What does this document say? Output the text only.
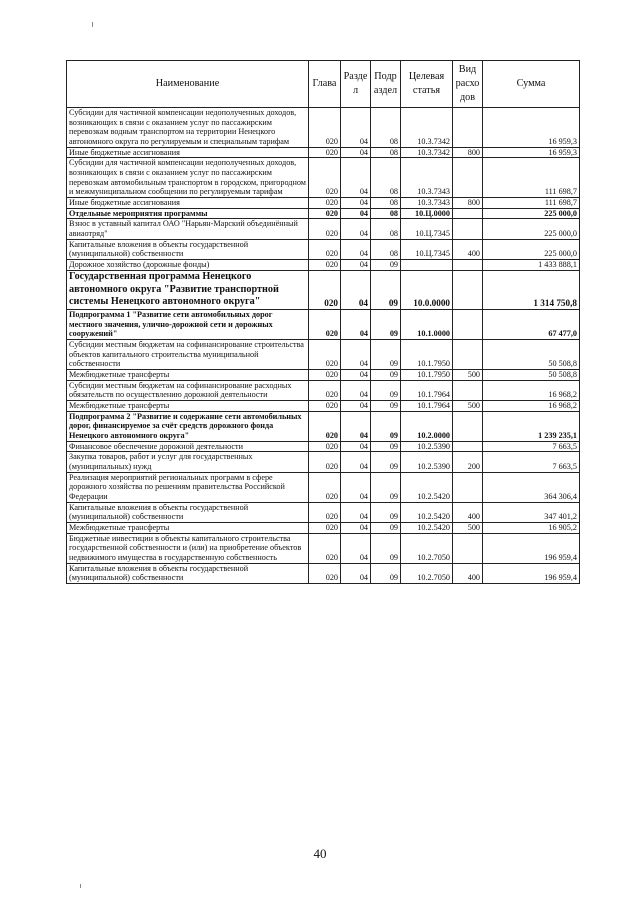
Наименование	Глава	Разде л	Подр аздел	Целевая статья	Вид расхо дов	Сумма
Субсидии для частичной компенсации недополученных доходов, возникающих в связи с оказанием услуг по пассажирским перевозкам водным транспортом на территории Ненецкого автономного округа по регулируемым и специальным тарифам	020	04	08	10.3.7342		16 959,3
Иные бюджетные ассигнования	020	04	08	10.3.7342	800	16 959,3
Субсидии для частичной компенсации недополученных доходов, возникающих в связи с оказанием услуг по пассажирским перевозкам автомобильным транспортом в городском, пригородном и межмуниципальном сообщении по регулируемым тарифам	020	04	08	10.3.7343		111 698,7
Иные бюджетные ассигнования	020	04	08	10.3.7343	800	111 698,7
Отдельные мероприятия программы	020	04	08	10.Ц.0000		225 000,0
Взнос в уставный капитал ОАО "Нарьян-Марский объединённый авиаотряд"	020	04	08	10.Ц.7345		225 000,0
Капитальные вложения в объекты государственной (муниципальной) собственности	020	04	08	10.Ц.7345	400	225 000,0
Дорожное хозяйство (дорожные фонды)	020	04	09			1 433 888,1
Государственная программа Ненецкого автономного округа "Развитие транспортной системы Ненецкого автономного округа"	020	04	09	10.0.0000		1 314 750,8
Подпрограмма 1 "Развитие сети автомобильных дорог местного значения, улично-дорожной сети и дорожных сооружений"	020	04	09	10.1.0000		67 477,0
Субсидии местным бюджетам на софинансирование строительства объектов капитального строительства муниципальной собственности	020	04	09	10.1.7950		50 508,8
Межбюджетные трансферты	020	04	09	10.1.7950	500	50 508,8
Субсидии местным бюджетам на софинансирование расходных обязательств по осуществлению дорожной деятельности	020	04	09	10.1.7964		16 968,2
Межбюджетные трансферты	020	04	09	10.1.7964	500	16 968,2
Подпрограмма 2 "Развитие и содержание сети автомобильных дорог, финансируемое за счёт средств дорожного фонда Ненецкого автономного округа"	020	04	09	10.2.0000		1 239 235,1
Финансовое обеспечение дорожной деятельности	020	04	09	10.2.5390		7 663,5
Закупка товаров, работ и услуг для государственных (муниципальных) нужд	020	04	09	10.2.5390	200	7 663,5
Реализация мероприятий региональных программ в сфере дорожного хозяйства по решениям правительства Российской Федерации	020	04	09	10.2.5420		364 306,4
Капитальные вложения в объекты государственной (муниципальной) собственности	020	04	09	10.2.5420	400	347 401,2
Межбюджетные трансферты	020	04	09	10.2.5420	500	16 905,2
Бюджетные инвестиции в объекты капитального строительства государственной собственности и (или) на приобретение объектов недвижимого имущества в государственную собственность	020	04	09	10.2.7050		196 959,4
Капитальные вложения в объекты государственной (муниципальной) собственности	020	04	09	10.2.7050	400	196 959,4
40
